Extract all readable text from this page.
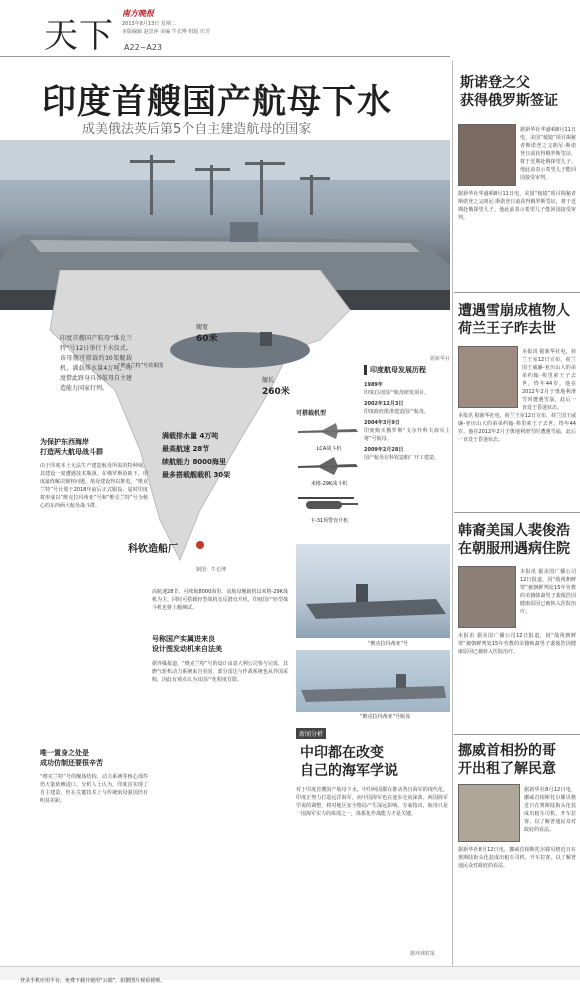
天下
南方晚报
2013年8月13日 星期二
本版编辑 赵思萍 美编 牛长博 组版 庆芳
A22~A23
印度首艘国产航母下水
成美俄法英后第5个自主建造航母的国家
印度首艘国产航母“维克兰特”号12日举行下水仪式。该母舰可搭载约30架舰载机，满载排水量4万吨，印度借此跻身具备航母自主建造能力国家行列。
舰宽
60米
“维克兰特”号效果图
舰长
260米
满载排水量 4万吨
最高航速 28节
续航能力 8000海里
最多搭载舰载机 30架
科钦造船厂
制图：牛长博
为保护东西海岸
打造两大航母战斗群
由于印度本土无法生产建造航母所需的特种钢，其建设一度遭遇技术瓶颈。在俄罗斯协助下，印度最终解决钢材问题，航母建设得以推进。“维克兰特”号计划于2018年前后正式服役，届时印度将形成以“维克拉玛蒂亚”号和“维克兰特”号为核心的东西两大航母战斗群。
唯一置身之处是
成功仿制还要很辛苦
“维克兰特”号的舰体结构、动力系统等核心部件仍大量依赖进口。分析人士认为，印度虽实现了自主建造，但在关键技术上与传统航母强国仍有明显差距。
高航速28节，可续航8000海里。该航母舰载机以米格-29K战机为主，同时可搭载轻型战机及反潜直升机，印度国产轻型战斗机也将上舰测试。
号称国产实属进来良
设计图发动机来自法美
据外媒报道，“维克兰特”号的设计由意大利公司参与完成，其燃气轮机动力系统来自美国，部分雷达与作战系统也从外国采购，因此有观点认为其国产化程度有限。
印度航母发展历程
据新华社
1989年
印度启动国产航母研发项目。
2002年12月3日
印度政府批准建造国产航母。
2004年3月9日
印度购买俄罗斯“戈尔什科夫海军上将”号航母。
2009年2月28日
国产航母在科钦造船厂开工建造。
可搭载机型
LCA战斗机
米格-29K战斗机
卡-31预警直升机
“维克拉玛蒂亚”号
“维克拉玛蒂亚”号航母
新闻分析
中印都在改变
自己的海军学说
对于印度首艘国产航母下水，中印两国都在推动各自海军的现代化。印度正努力打造远洋海军，而中国海军也在逐步走向深蓝。两国海军学说的调整，将对地区安全格局产生深远影响。专家指出，航母只是一国海军实力的体现之一，体系化作战能力才是关键。
据环球时报
斯诺登之父
获得俄罗斯签证
据新华社华盛顿8月11日电，美国“棱镜”项目揭秘者斯诺登之父朗尼·斯诺登日前获得俄罗斯签证，将于近期赴俄探望儿子。他此前表示希望儿子能回国接受审判。
据新华社华盛顿8月11日电，美国“棱镜”项目揭秘者斯诺登之父朗尼·斯诺登日前获得俄罗斯签证，将于近期赴俄探望儿子。他此前表示希望儿子能回国接受审判。
遭遇雪崩成植物人
荷兰王子昨去世
本报讯 据新华社电，荷兰王室12日宣布，荷兰国王威廉-亚历山大的弟弟约翰·弗里索王子去世，终年44岁。他在2012年2月于奥地利滑雪时遭遇雪崩，此后一直处于昏迷状态。
本报讯 据新华社电，荷兰王室12日宣布，荷兰国王威廉-亚历山大的弟弟约翰·弗里索王子去世，终年44岁。他在2012年2月于奥地利滑雪时遭遇雪崩，此后一直处于昏迷状态。
韩裔美国人裴俊浩
在朝服刑遇病住院
本报讯 据美国广播公司12日报道，因“敌视朝鲜罪”被朝鲜判处15年劳教的美籍韩裔男子裴俊浩因健康原因已被转入医院治疗。
本报讯 据美国广播公司12日报道，因“敌视朝鲜罪”被朝鲜判处15年劳教的美籍韩裔男子裴俊浩因健康原因已被转入医院治疗。
挪威首相扮的哥
开出租了解民意
据新华社8月12日电，挪威首相斯托尔滕贝格近日在奥斯陆街头化装成出租车司机，开车拉客，以了解普通民众对政府的看法。
据新华社8月12日电，挪威首相斯托尔滕贝格近日在奥斯陆街头化装成出租车司机，开车拉客，以了解普通民众对政府的看法。
登录手机应用平台，免费下载并使用“云端”，拍摄图片观看视频。
